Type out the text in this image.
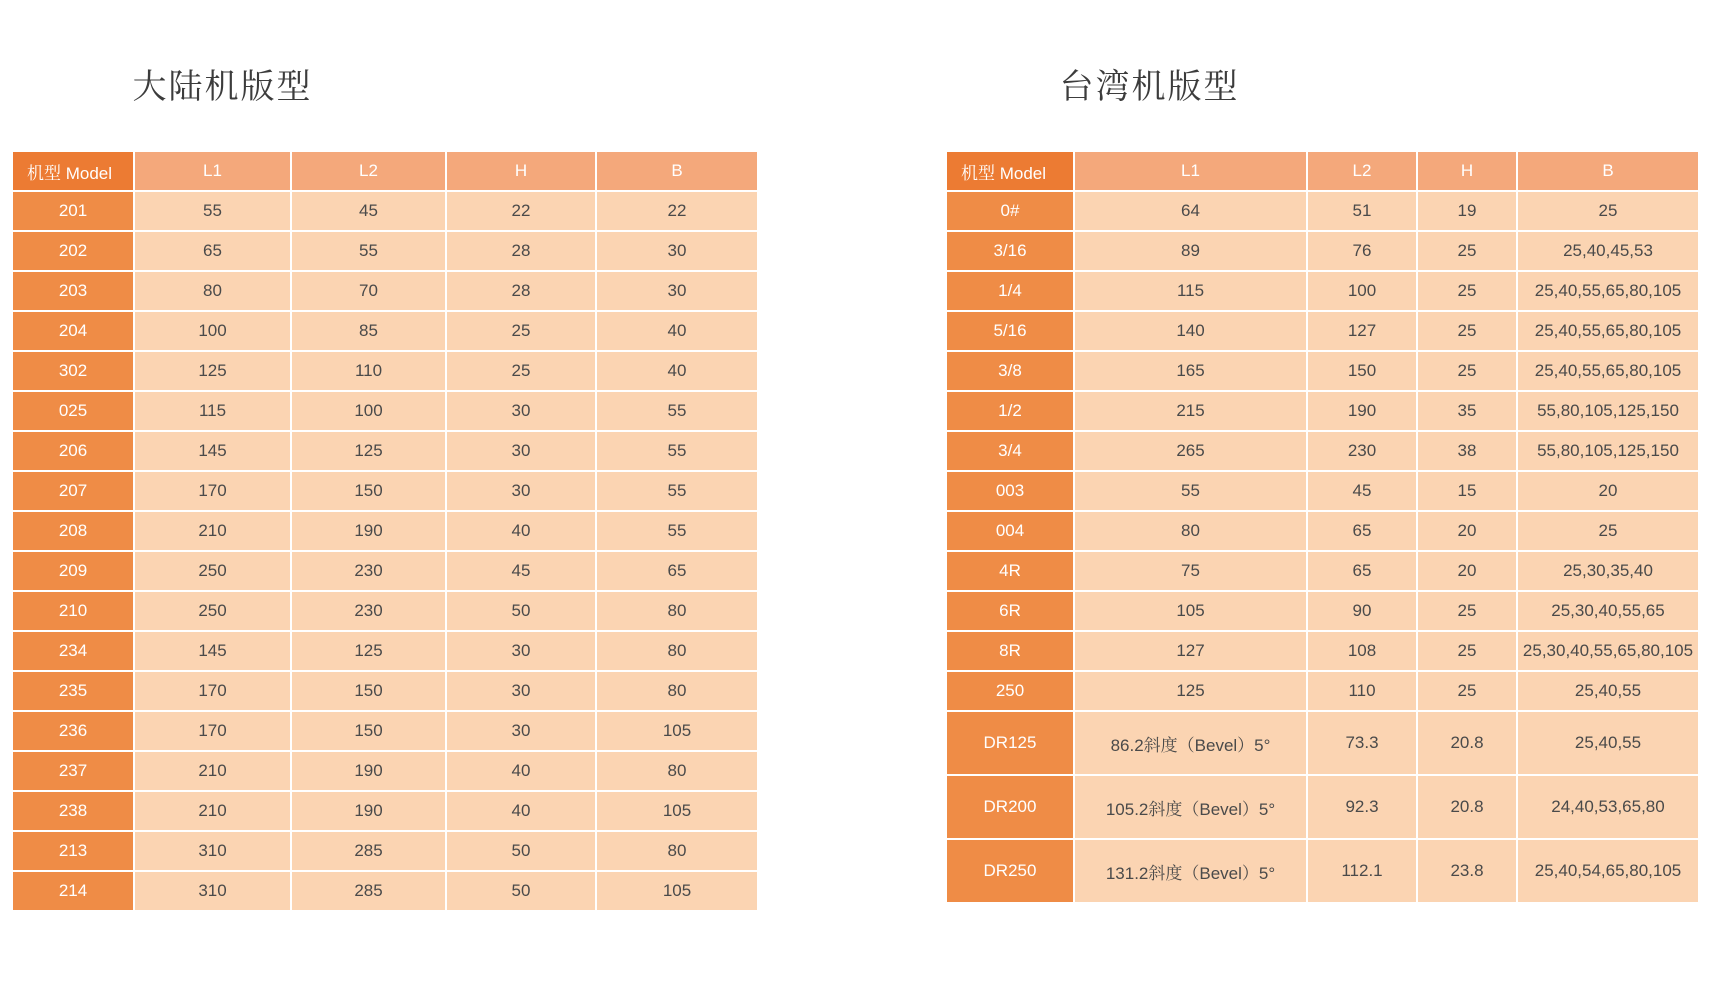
大陆机版型
机型 Model	L1	L2	H	B
201	55	45	22	22
202	65	55	28	30
203	80	70	28	30
204	100	85	25	40
302	125	110	25	40
025	115	100	30	55
206	145	125	30	55
207	170	150	30	55
208	210	190	40	55
209	250	230	45	65
210	250	230	50	80
234	145	125	30	80
235	170	150	30	80
236	170	150	30	105
237	210	190	40	80
238	210	190	40	105
213	310	285	50	80
214	310	285	50	105
台湾机版型
机型 Model	L1	L2	H	B
0#	64	51	19	25
3/16	89	76	25	25,40,45,53
1/4	115	100	25	25,40,55,65,80,105
5/16	140	127	25	25,40,55,65,80,105
3/8	165	150	25	25,40,55,65,80,105
1/2	215	190	35	55,80,105,125,150
3/4	265	230	38	55,80,105,125,150
003	55	45	15	20
004	80	65	20	25
4R	75	65	20	25,30,35,40
6R	105	90	25	25,30,40,55,65
8R	127	108	25	25,30,40,55,65,80,105
250	125	110	25	25,40,55
DR125	86.2斜度（Bevel）5°	73.3	20.8	25,40,55
DR200	105.2斜度（Bevel）5°	92.3	20.8	24,40,53,65,80
DR250	131.2斜度（Bevel）5°	112.1	23.8	25,40,54,65,80,105
